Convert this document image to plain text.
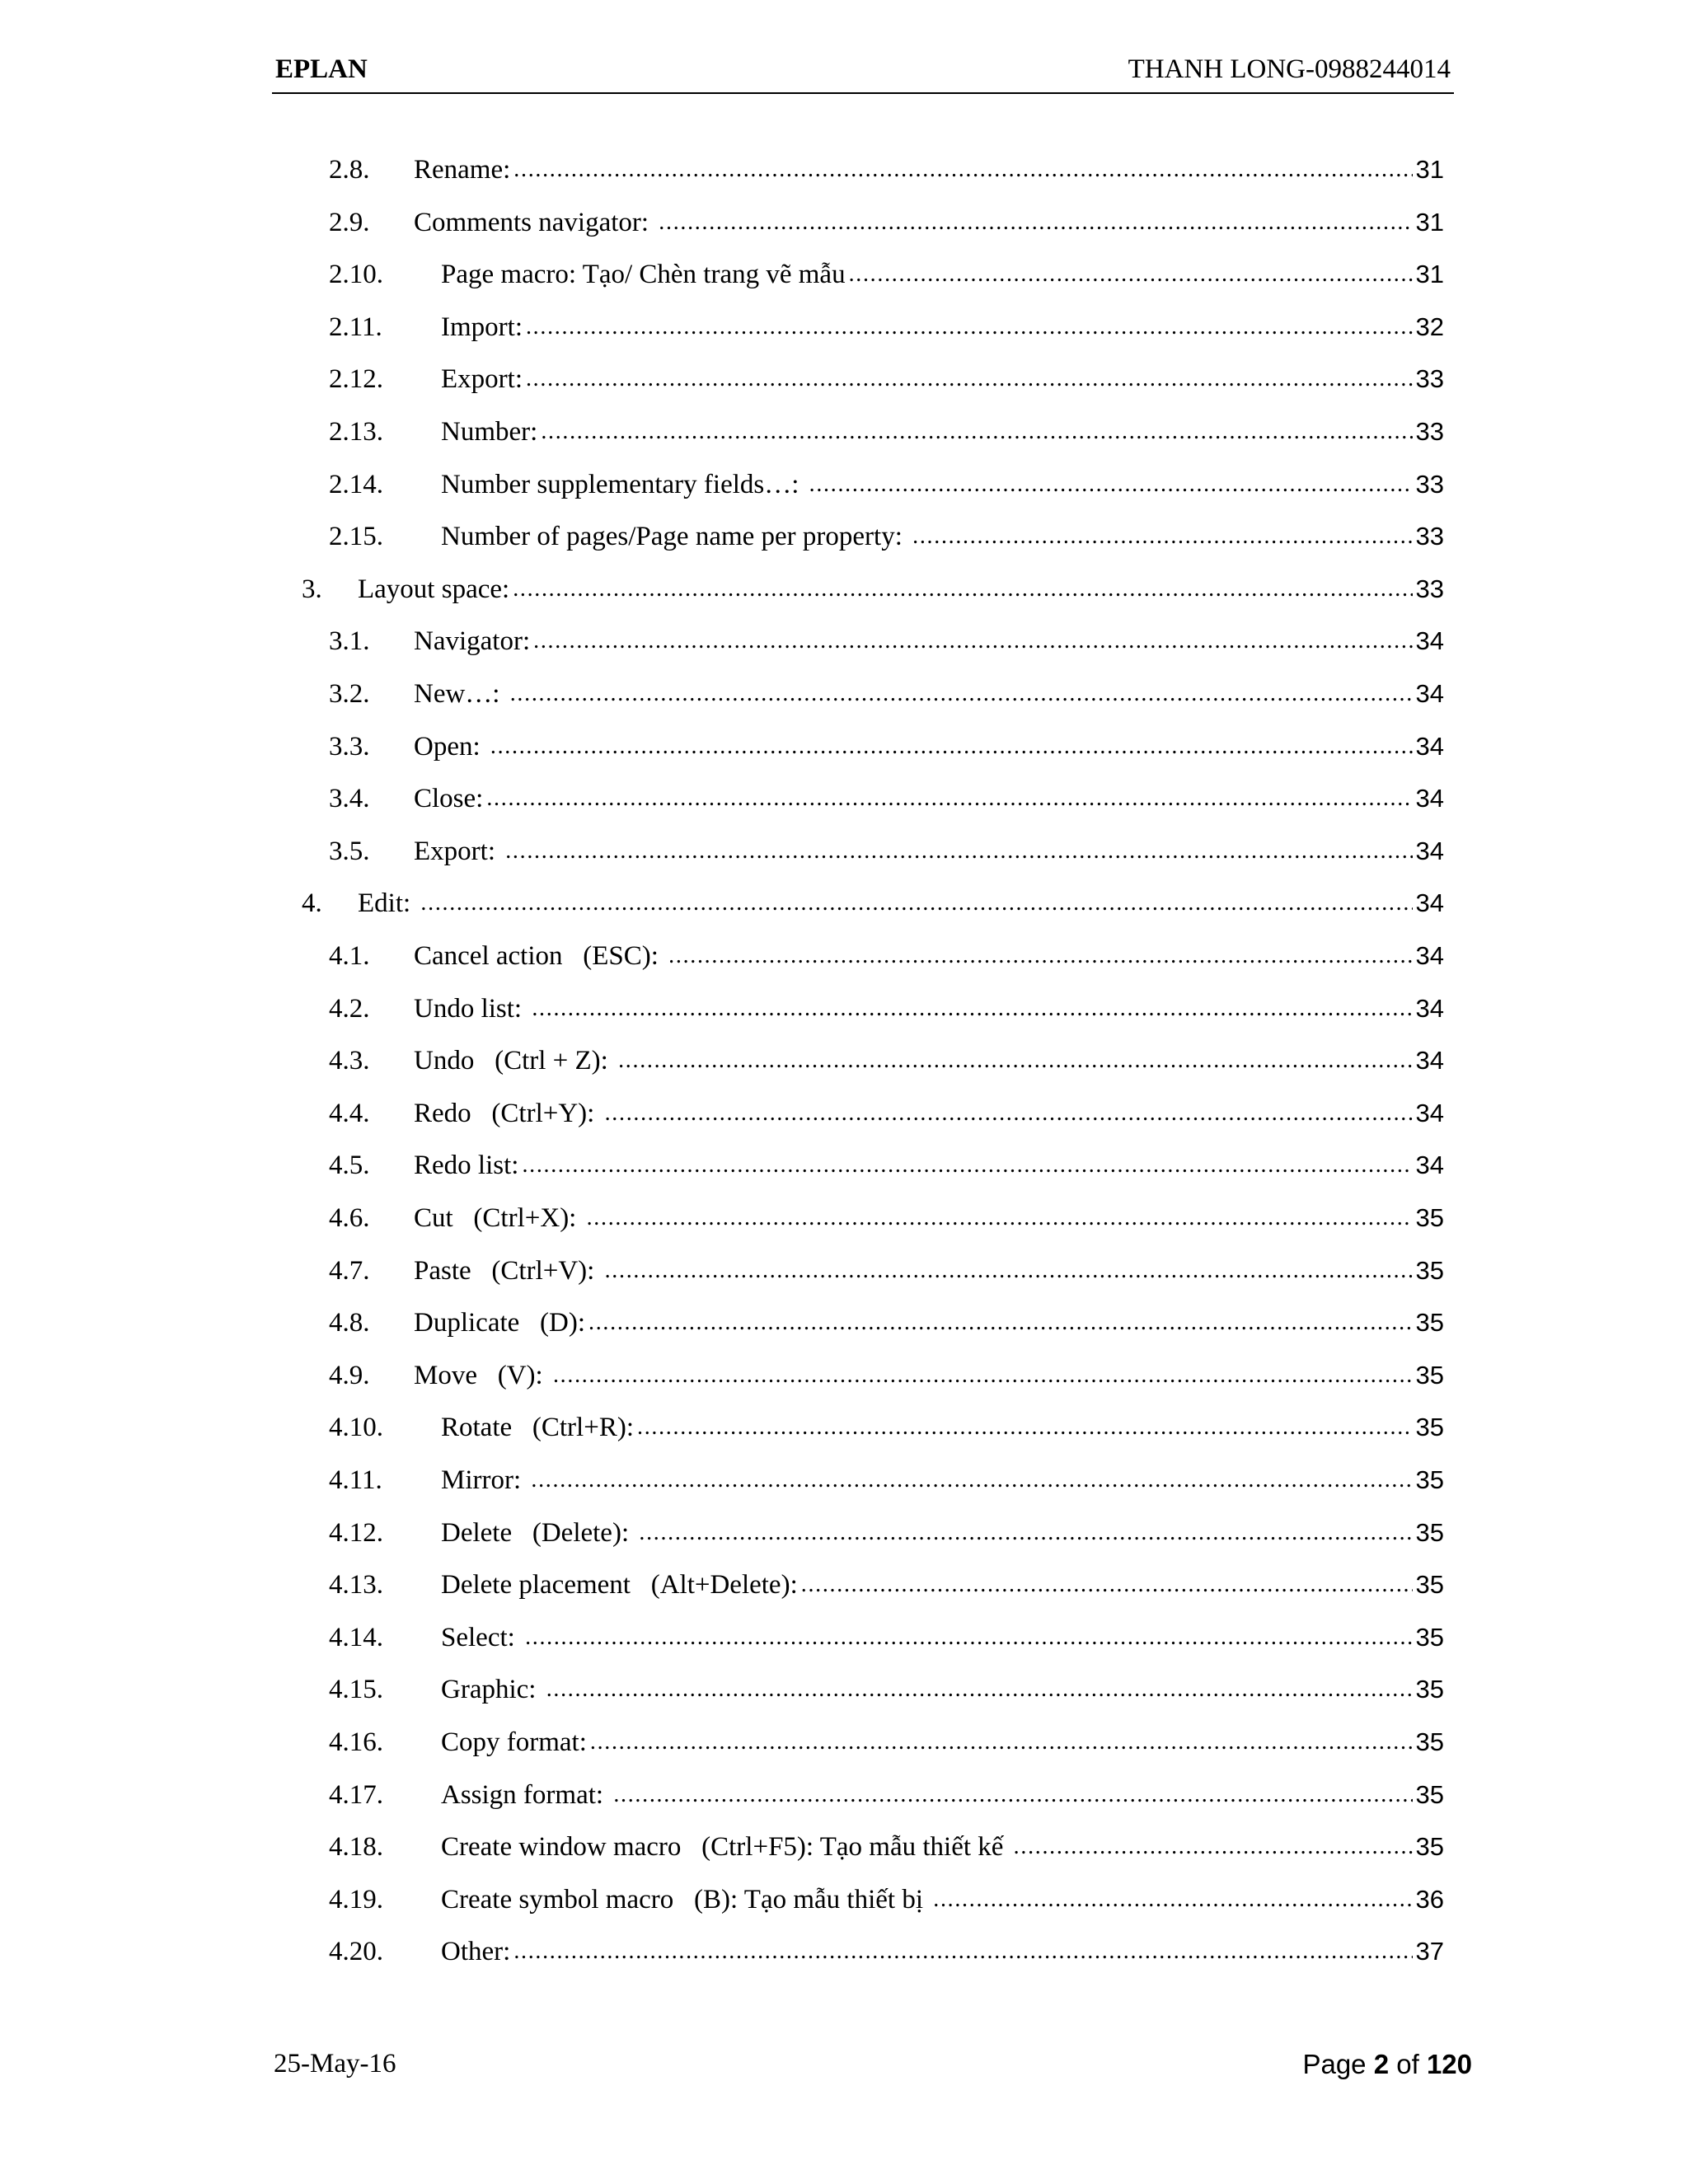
EPLAN	THANH LONG-0988244014
2.8.	Rename: .....	31
2.9.	Comments navigator: .....	31
2.10.	Page macro: Tạo/ Chèn trang vẽ mẫu .....	31
2.11.	Import: .....	32
2.12.	Export: .....	33
2.13.	Number: .....	33
2.14.	Number supplementary fields…: .....	33
2.15.	Number of pages/Page name per property: .....	33
3.	Layout space: .....	33
3.1.	Navigator: .....	34
3.2.	New…: .....	34
3.3.	Open: .....	34
3.4.	Close: .....	34
3.5.	Export: .....	34
4.	Edit: .....	34
4.1.	Cancel action   (ESC): .....	34
4.2.	Undo list: .....	34
4.3.	Undo   (Ctrl + Z): .....	34
4.4.	Redo   (Ctrl+Y): .....	34
4.5.	Redo list: .....	34
4.6.	Cut   (Ctrl+X): .....	35
4.7.	Paste   (Ctrl+V): .....	35
4.8.	Duplicate   (D): .....	35
4.9.	Move   (V): .....	35
4.10.	Rotate   (Ctrl+R): .....	35
4.11.	Mirror: .....	35
4.12.	Delete   (Delete): .....	35
4.13.	Delete placement   (Alt+Delete): .....	35
4.14.	Select: .....	35
4.15.	Graphic: .....	35
4.16.	Copy format: .....	35
4.17.	Assign format: .....	35
4.18.	Create window macro   (Ctrl+F5): Tạo mẫu thiết kế .....	35
4.19.	Create symbol macro   (B): Tạo mẫu thiết bị .....	36
4.20.	Other: .....	37
25-May-16	Page 2 of 120
